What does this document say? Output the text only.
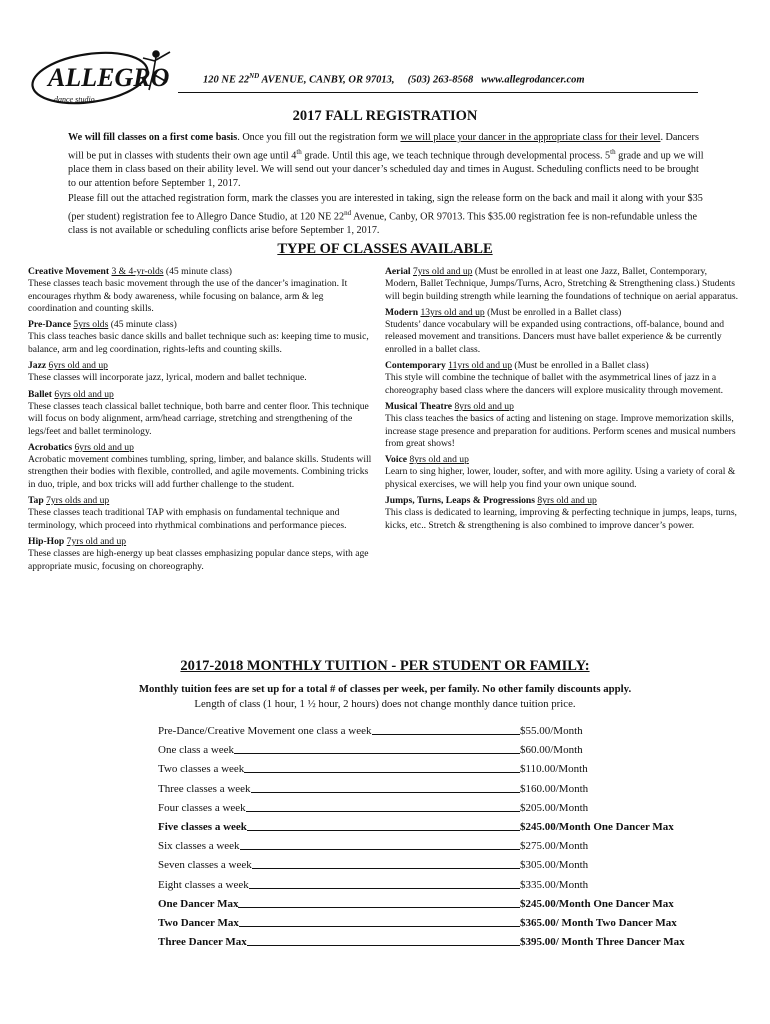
ALLEGRO
dance studio
120 NE 22ND AVENUE, CANBY, OR 97013,     (503) 263-8568   www.allegrodancer.com
2017 FALL REGISTRATION
We will fill classes on a first come basis. Once you fill out the registration form we will place your dancer in the appropriate class for their level. Dancers will be put in classes with students their own age until 4th grade. Until this age, we teach technique through developmental process. 5th grade and up we will place them in class based on their ability level. We will send out your dancer’s scheduled day and times in August. Scheduling conflicts need to be brought to our attention before September 1, 2017.
Please fill out the attached registration form, mark the classes you are interested in taking, sign the release form on the back and mail it along with your $35 (per student) registration fee to Allegro Dance Studio, at 120 NE 22nd Avenue, Canby, OR 97013. This $35.00 registration fee is non-refundable unless the class is not available or scheduling conflicts arise before September 1, 2017.
TYPE OF CLASSES AVAILABLE
Creative Movement 3 & 4-yr-olds (45 minute class)
These classes teach basic movement through the use of the dancer’s imagination. It encourages rhythm & body awareness, while focusing on balance, arm & leg coordination and counting skills.
Pre-Dance 5yrs olds (45 minute class)
This class teaches basic dance skills and ballet technique such as: keeping time to music, balance, arm and leg coordination, rights-lefts and counting skills.
Jazz 6yrs old and up
These classes will incorporate jazz, lyrical, modern and ballet technique.
Ballet 6yrs old and up
These classes teach classical ballet technique, both barre and center floor. This technique will focus on body alignment, arm/head carriage, stretching and strengthening of the legs/feet and ballet terminology.
Acrobatics 6yrs old and up
Acrobatic movement combines tumbling, spring, limber, and balance skills. Students will strengthen their bodies with flexible, controlled, and agile movements. Combining tricks in duo, triple, and box tricks will add further challenge to the student.
Tap 7yrs olds and up
These classes teach traditional TAP with emphasis on fundamental technique and terminology, which proceed into rhythmical combinations and performance pieces.
Hip-Hop 7yrs old and up
These classes are high-energy up beat classes emphasizing popular dance steps, with age appropriate music, focusing on choreography.
Aerial 7yrs old and up (Must be enrolled in at least one Jazz, Ballet, Contemporary, Modern, Ballet Technique, Jumps/Turns, Acro, Stretching & Strengthening class.) Students will begin building strength while learning the foundations of technique on aerial apparatus.
Modern 13yrs old and up (Must be enrolled in a Ballet class)
Students’ dance vocabulary will be expanded using contractions, off-balance, bound and released movement and transitions. Dancers must have ballet experience & be currently enrolled in a ballet class.
Contemporary 11yrs old and up (Must be enrolled in a Ballet class)
This style will combine the technique of ballet with the asymmetrical lines of jazz in a choreography based class where the dancers will explore musicality through movement.
Musical Theatre 8yrs old and up
This class teaches the basics of acting and listening on stage. Improve memorization skills, increase stage presence and preparation for auditions. Perform scenes and musical numbers from great shows!
Voice 8yrs old and up
Learn to sing higher, lower, louder, softer, and with more agility. Using a variety of coral & physical exercises, we will help you find your own unique sound.
Jumps, Turns, Leaps & Progressions 8yrs old and up
This class is dedicated to learning, improving & perfecting technique in jumps, leaps, turns, kicks, etc.. Stretch & strengthening is also combined to improve dancer’s power.
2017-2018 MONTHLY TUITION - PER STUDENT OR FAMILY:
Monthly tuition fees are set up for a total # of classes per week, per family. No other family discounts apply.
Length of class (1 hour, 1 ½ hour, 2 hours) does not change monthly dance tuition price.
Pre-Dance/Creative Movement one class a week	$55.00/Month
One class a week	$60.00/Month
Two classes a week	$110.00/Month
Three classes a week	$160.00/Month
Four classes a week	$205.00/Month
Five classes a week	$245.00/Month One Dancer Max
Six classes a week	$275.00/Month
Seven classes a week	$305.00/Month
Eight classes a week	$335.00/Month
One Dancer Max	$245.00/Month One Dancer Max
Two Dancer Max	$365.00/ Month Two Dancer Max
Three Dancer Max	$395.00/ Month Three Dancer Max
